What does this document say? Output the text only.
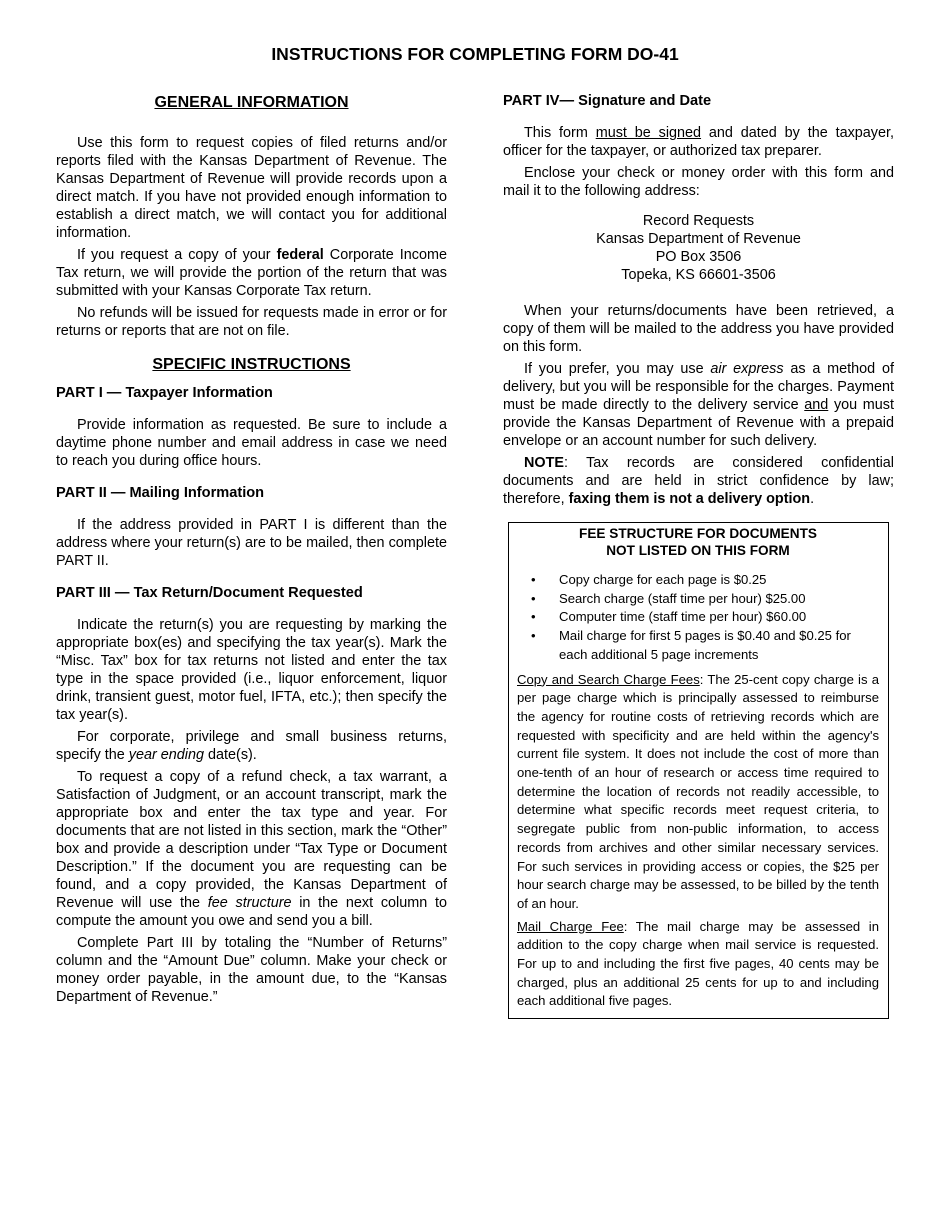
INSTRUCTIONS FOR COMPLETING FORM DO-41
GENERAL INFORMATION

Use this form to request copies of filed returns and/or reports filed with the Kansas Department of Revenue. The Kansas Department of Revenue will provide records upon a direct match. If you have not provided enough information to establish a direct match, we will contact you for additional information.

If you request a copy of your federal Corporate Income Tax return, we will provide the portion of the return that was submitted with your Kansas Corporate Tax return.

No refunds will be issued for requests made in error or for returns or reports that are not on file.

SPECIFIC INSTRUCTIONS
PART I — Taxpayer Information

Provide information as requested. Be sure to include a daytime phone number and email address in case we need to reach you during office hours.

PART II — Mailing Information

If the address provided in PART I is different than the address where your return(s) are to be mailed, then complete PART II.

PART III — Tax Return/Document Requested

Indicate the return(s) you are requesting by marking the appropriate box(es) and specifying the tax year(s). Mark the “Misc. Tax” box for tax returns not listed and enter the tax type in the space provided (i.e., liquor enforcement, liquor drink, transient guest, motor fuel, IFTA, etc.); then specify the tax year(s).

For corporate, privilege and small business returns, specify the year ending date(s).

To request a copy of a refund check, a tax warrant, a Satisfaction of Judgment, or an account transcript, mark the appropriate box and enter the tax type and year. For documents that are not listed in this section, mark the “Other” box and provide a description under “Tax Type or Document Description.” If the document you are requesting can be found, and a copy provided, the Kansas Department of Revenue will use the fee structure in the next column to compute the amount you owe and send you a bill.

Complete Part III by totaling the “Number of Returns” column and the “Amount Due” column. Make your check or money order payable, in the amount due, to the “Kansas Department of Revenue.”

PART IV— Signature and Date

This form must be signed and dated by the taxpayer, officer for the taxpayer, or authorized tax preparer.

Enclose your check or money order with this form and mail it to the following address:

Record Requests
Kansas Department of Revenue
PO Box 3506
Topeka, KS 66601-3506

When your returns/documents have been retrieved, a copy of them will be mailed to the address you have provided on this form.

If you prefer, you may use air express as a method of delivery, but you will be responsible for the charges. Payment must be made directly to the delivery service and you must provide the Kansas Department of Revenue with a prepaid envelope or an account number for such delivery.

NOTE: Tax records are considered confidential documents and are held in strict confidence by law; therefore, faxing them is not a delivery option.

FEE STRUCTURE FOR DOCUMENTS
NOT LISTED ON THIS FORM
• Copy charge for each page is $0.25
• Search charge (staff time per hour) $25.00
• Computer time (staff time per hour) $60.00
• Mail charge for first 5 pages is $0.40 and $0.25 for each additional 5 page increments

Copy and Search Charge Fees: The 25-cent copy charge is a per page charge which is principally assessed to reimburse the agency for routine costs of retrieving records which are requested with specificity and are held within the agency's current file system. It does not include the cost of more than one-tenth of an hour of research or access time required to determine the location of records not readily accessible, to determine what specific records meet request criteria, to segregate public from non-public information, to access records from archives and other similar necessary services. For such services in providing access or copies, the $25 per hour search charge may be assessed, to be billed by the tenth of an hour.

Mail Charge Fee: The mail charge may be assessed in addition to the copy charge when mail service is requested. For up to and including the first five pages, 40 cents may be charged, plus an additional 25 cents for up to and including each additional five pages.
